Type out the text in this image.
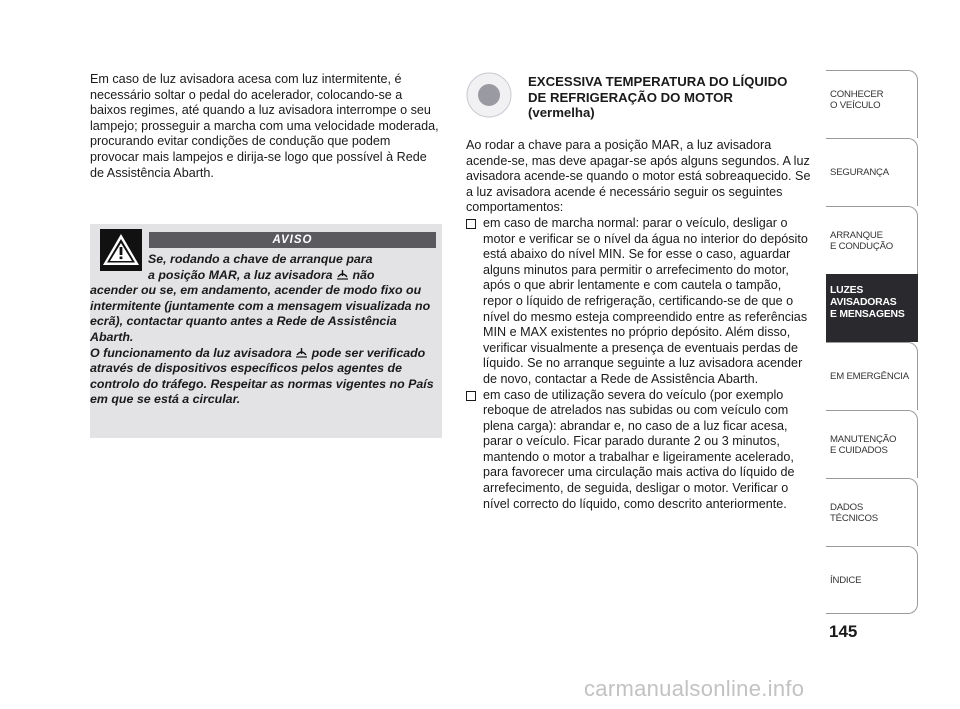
Em caso de luz avisadora acesa com luz intermitente, é necessário soltar o pedal do acelerador, colocando-se a baixos regimes, até quando a luz avisadora interrompe o seu lampejo; prosseguir a marcha com uma velocidade moderada, procurando evitar condições de condução que podem provocar mais lampejos e dirija-se logo que possível à Rede de Assistência Abarth.

AVISO

Se, rodando a chave de arranque para
a posição MAR, a luz avisadora  não
acender ou se, em andamento, acender de modo fixo ou intermitente (juntamente com a mensagem visualizada no ecrã), contactar quanto antes a Rede de Assistência Abarth.
O funcionamento da luz avisadora  pode ser verificado através de dispositivos específicos pelos agentes de controlo do tráfego. Respeitar as normas vigentes no País em que se está a circular.

EXCESSIVA TEMPERATURA DO LÍQUIDO DE REFRIGERAÇÃO DO MOTOR (vermelha)

Ao rodar a chave para a posição MAR, a luz avisadora acende-se, mas deve apagar-se após alguns segundos. A luz avisadora acende-se quando o motor está sobreaquecido. Se a luz avisadora acende é necessário seguir os seguintes comportamentos:

em caso de marcha normal: parar o veículo, desligar o motor e verificar se o nível da água no interior do depósito está abaixo do nível MIN. Se for esse o caso, aguardar alguns minutos para permitir o arrefecimento do motor, após o que abrir lentamente e com cautela o tampão, repor o líquido de refrigeração, certificando-se de que o nível do mesmo esteja compreendido entre as referências MIN e MAX existentes no próprio depósito. Além disso, verificar visualmente a presença de eventuais perdas de líquido. Se no arranque seguinte a luz avisadora acender de novo, contactar a Rede de Assistência Abarth.
em caso de utilização severa do veículo (por exemplo reboque de atrelados nas subidas ou com veículo com plena carga): abrandar e, no caso de a luz ficar acesa, parar o veículo. Ficar parado durante 2 ou 3 minutos, mantendo o motor a trabalhar e ligeiramente acelerado, para favorecer uma circulação mais activa do líquido de arrefecimento, de seguida, desligar o motor. Verificar o nível correcto do líquido, como descrito anteriormente.
CONHECER
O VEÍCULO
SEGURANÇA
ARRANQUE
E CONDUÇÃO
LUZES
AVISADORAS
E MENSAGENS
EM EMERGÊNCIA
MANUTENÇÃO
E CUIDADOS
DADOS
TÉCNICOS
ÍNDICE

145

carmanualsonline.info
